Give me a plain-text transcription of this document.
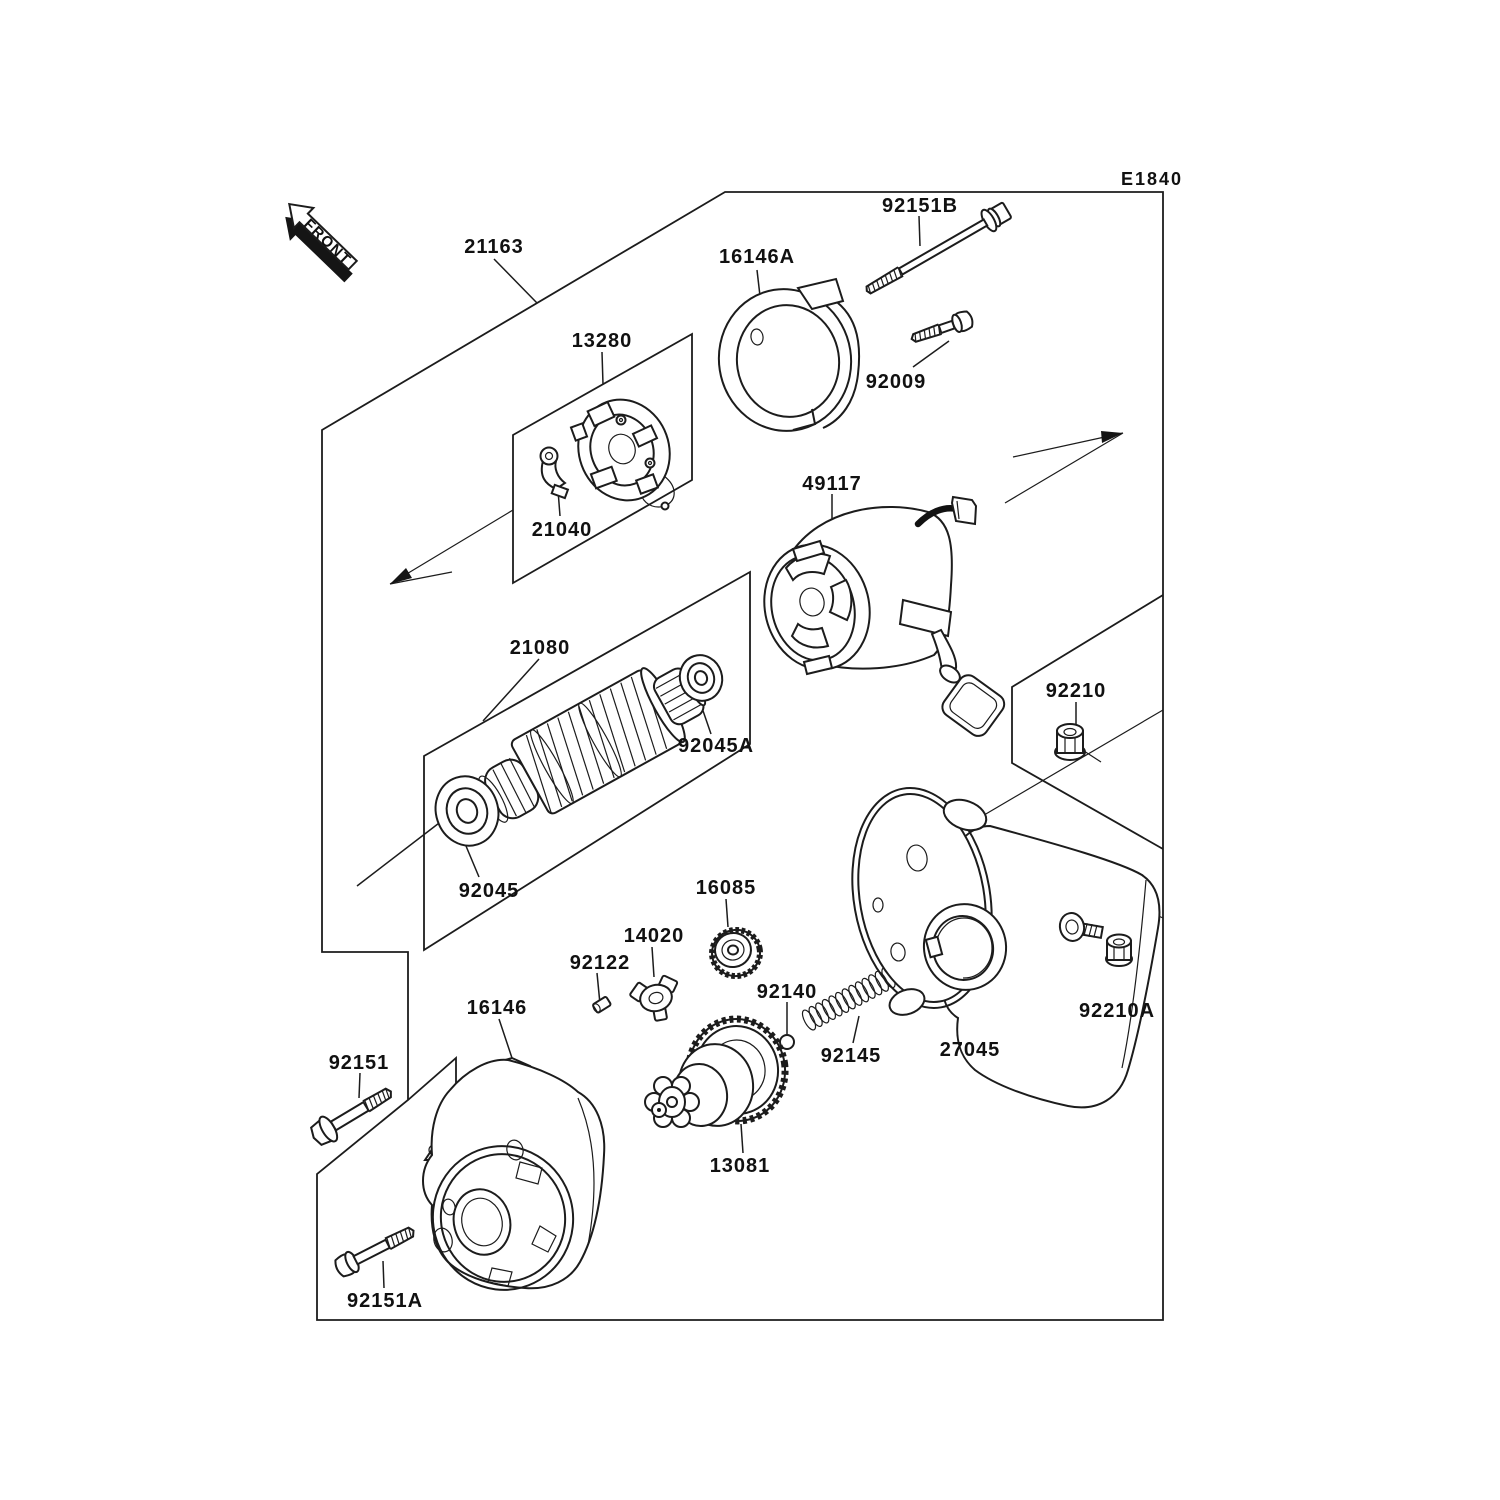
FRONT
E1840
21163	16146A
92151B
92009
13280
21040
49117
92210
21080
92045A
92045	16085
14020
92122
92140
92145	27045
92210A
13081
16146
92151
92151A
